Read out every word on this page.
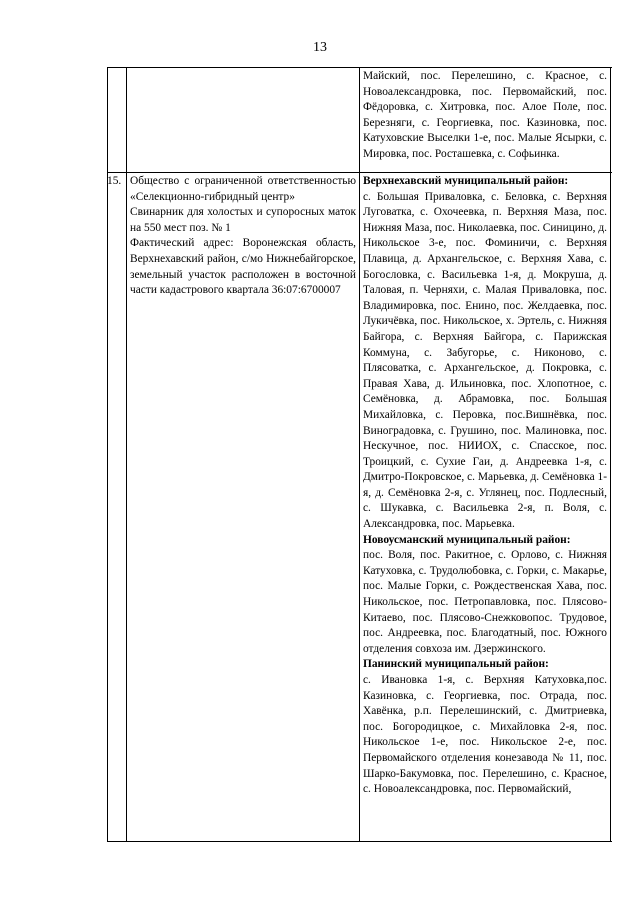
13

Майский, пос. Перелешино, с. Красное, с. Новоалександровка, пос. Первомайский, пос. Фёдоровка, с. Хитровка, пос. Алое Поле, пос. Березняги, с. Георгиевка, пос. Казиновка, пос. Катуховские Выселки 1-е, пос. Малые Ясырки, с. Мировка, пос. Росташевка, с. Софьинка.

15. Общество с ограниченной ответственностью «Селекционно-гибридный центр»

Свинарник для холостых и супоросных маток на 550 мест поз. № 1

Фактический адрес: Воронежская область, Верхнехавский район, с/мо Нижнебайгорское, земельный участок расположен в восточной части кадастрового квартала 36:07:6700007

Верхнехавский муниципальный район:

с. Большая Приваловка, с. Беловка, с. Верхняя Луговатка, с. Охочеевка, п. Верхняя Маза, пос. Нижняя Маза, пос. Николаевка, пос. Синицино, д. Никольское 3-е, пос. Фоминичи, с. Верхняя Плавица, д. Архангельское, с. Верхняя Хава, с. Богословка, с. Васильевка 1-я, д. Мокруша, д. Таловая, п. Черняхи, с. Малая Приваловка, пос. Владимировка, пос. Енино, пос. Желдаевка, пос. Лукичёвка, пос. Никольское, х. Эртель, с. Нижняя Байгора, с. Верхняя Байгора, с. Парижская Коммуна, с. Забугорье, с. Никоново, с. Плясоватка, с. Архангельское, д. Покровка, с. Правая Хава, д. Ильиновка, пос. Хлопотное, с. Семёновка, д. Абрамовка, пос. Большая Михайловка, с. Перовка, пос.Вишнёвка, пос. Виноградовка, с. Грушино, пос. Малиновка, пос. Нескучное, пос. НИИОХ, с. Спасское, пос. Троицкий, с. Сухие Гаи, д. Андреевка 1-я, с. Дмитро-Покровское, с. Марьевка, д. Семёновка 1-я, д. Семёновка 2-я, с. Углянец, пос. Подлесный, с. Шукавка, с. Васильевка 2-я, п. Воля, с. Александровка, пос. Марьевка.

Новоусманский муниципальный район:

пос. Воля, пос. Ракитное, с. Орлово, с. Нижняя Катуховка, с. Трудолюбовка, с. Горки, с. Макарье, пос. Малые Горки, с. Рождественская Хава, пос. Никольское, пос. Петропавловка, пос. Плясово-Китаево, пос. Плясово-Снежковопос. Трудовое, пос. Андреевка, пос. Благодатный, пос. Южного отделения совхоза им. Дзержинского.

Панинский муниципальный район:

с. Ивановка 1-я, с. Верхняя Катуховка,пос. Казиновка, с. Георгиевка, пос. Отрада, пос. Хавёнка, р.п. Перелешинский, с. Дмитриевка, пос. Богородицкое, с. Михайловка 2-я, пос. Никольское 1-е, пос. Никольское 2-е, пос. Первомайского отделения конезавода № 11, пос. Шарко-Бакумовка, пос. Перелешино, с. Красное, с. Новоалександровка, пос. Первомайский,
